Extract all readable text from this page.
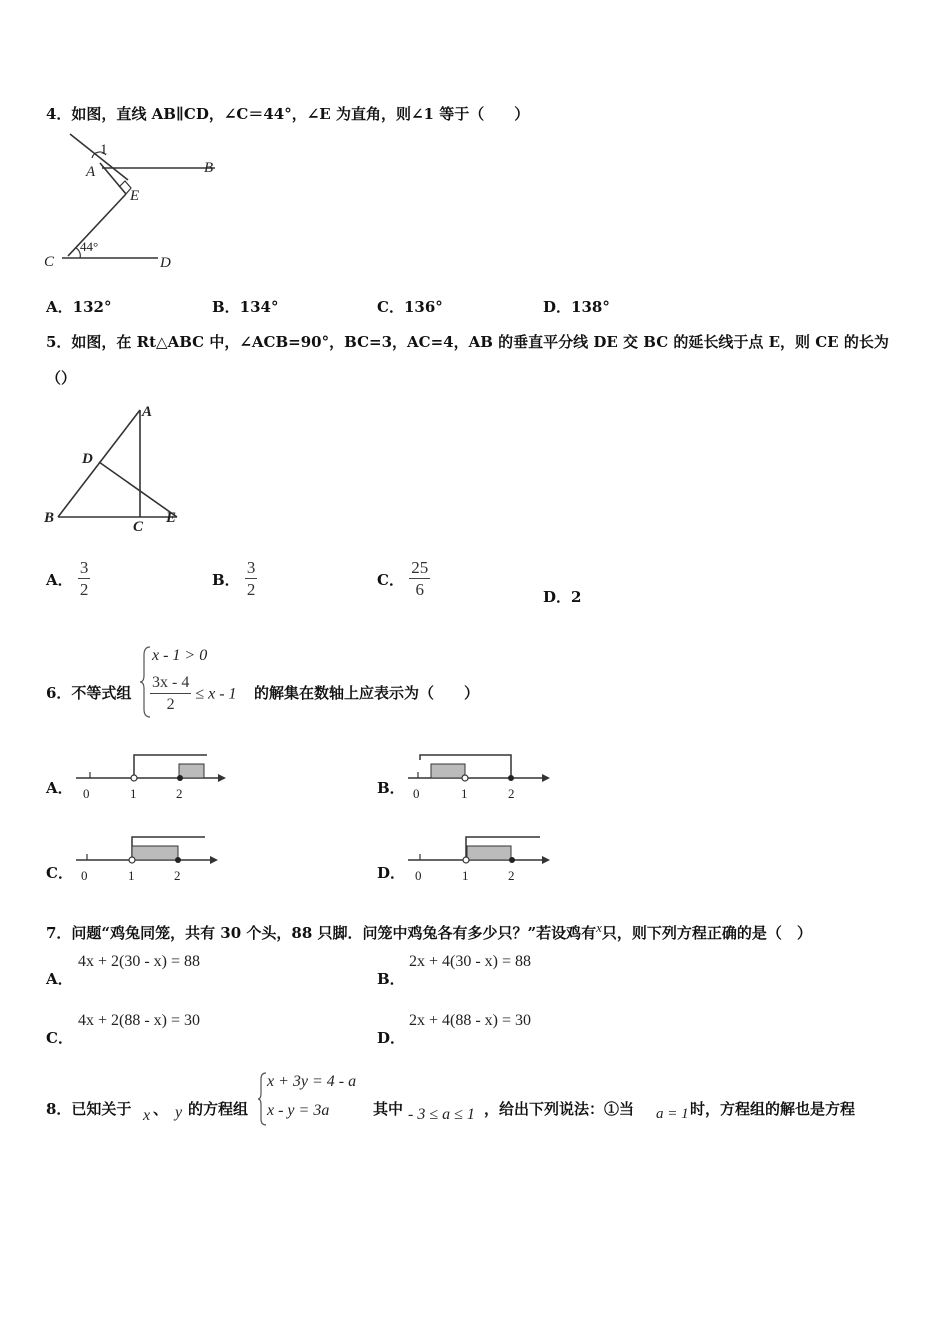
4．如图，直线 AB∥CD，∠C＝44°，∠E 为直角，则∠1 等于（　　）
1
A	B
E
44°
C	D
A．132°	B．134°	C．136°	D．138°
5．如图，在 Rt△ABC 中，∠ACB=90°，BC=3，AC=4，AB 的垂直平分线 DE 交 BC 的延长线于点 E，则 CE 的长为
（）
A
D
B
C
E
A． $\frac{3}{2}$	B． $\frac{3}{2}$	C． $\frac{25}{6}$	D．2
6．不等式组
x - 1 > 0
$\frac{3x - 4}{2} \le x - 1$ 的解集在数轴上应表示为（　　）
A． 0	1	2	B． 0	1	2
C． 0	1	2	D． 0	1	2
7．问题“鸡兔同笼，共有 30 个头，88 只脚．问笼中鸡兔各有多少只？”若设鸡有x只，则下列方程正确的是（　）
A．
4x + 2(30 - x) = 88
B．
2x + 4(30 - x) = 88
C．
4x + 2(88 - x) = 30
D．
2x + 4(88 - x) = 30
8．已知关于 x 、 y 的方程组
x + 3y = 4 - a
x - y = 3a	其中 - 3 ≤ a ≤ 1 ，给出下列说法：①当 a = 1 时，方程组的解也是方程
